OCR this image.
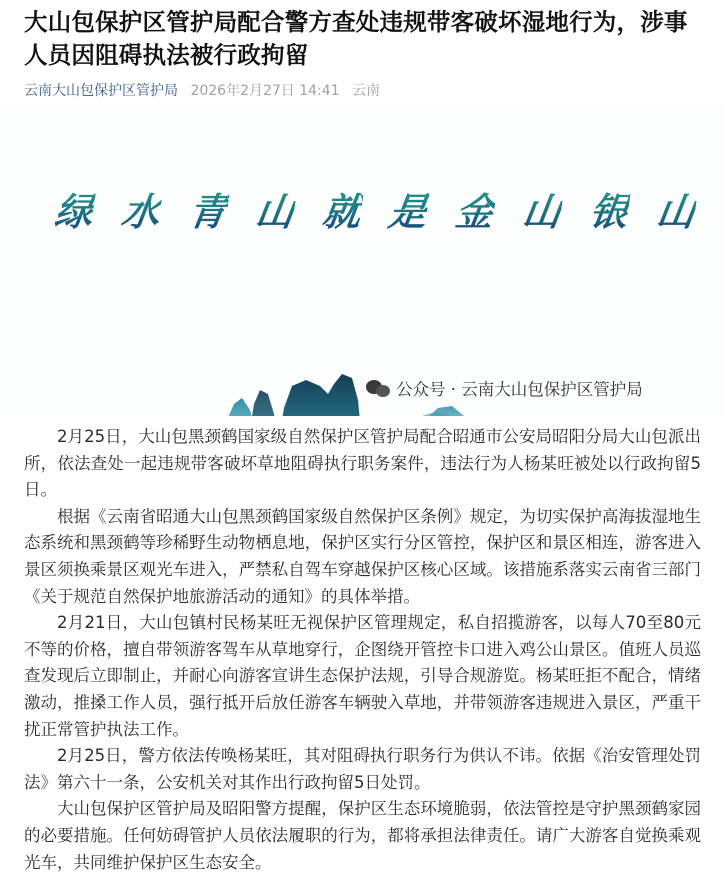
大山包保护区管护局配合警方查处违规带客破坏湿地行为，涉事人员因阻碍执法被行政拘留
云南大山包保护区管护局 2026年2月27日 14:41 云南
绿 水 青 山 就 是 金 山 银 山
公众号 · 云南大山包保护区管护局

2月25日，大山包黑颈鹤国家级自然保护区管护局配合昭通市公安局昭阳分局大山包派出所，依法查处一起违规带客破坏草地阻碍执行职务案件，违法行为人杨某旺被处以行政拘留5日。

根据《云南省昭通大山包黑颈鹤国家级自然保护区条例》规定，为切实保护高海拔湿地生态系统和黑颈鹤等珍稀野生动物栖息地，保护区实行分区管控，保护区和景区相连，游客进入景区须换乘景区观光车进入，严禁私自驾车穿越保护区核心区域。该措施系落实云南省三部门《关于规范自然保护地旅游活动的通知》的具体举措。

2月21日，大山包镇村民杨某旺无视保护区管理规定，私自招揽游客，以每人70至80元不等的价格，擅自带领游客驾车从草地穿行，企图绕开管控卡口进入鸡公山景区。值班人员巡查发现后立即制止，并耐心向游客宣讲生态保护法规，引导合规游览。杨某旺拒不配合，情绪激动，推搡工作人员，强行抵开后放任游客车辆驶入草地，并带领游客违规进入景区，严重干扰正常管护执法工作。

2月25日，警方依法传唤杨某旺，其对阻碍执行职务行为供认不讳。依据《治安管理处罚法》第六十一条，公安机关对其作出行政拘留5日处罚。

大山包保护区管护局及昭阳警方提醒，保护区生态环境脆弱，依法管控是守护黑颈鹤家园的必要措施。任何妨碍管护人员依法履职的行为，都将承担法律责任。请广大游客自觉换乘观光车，共同维护保护区生态安全。
